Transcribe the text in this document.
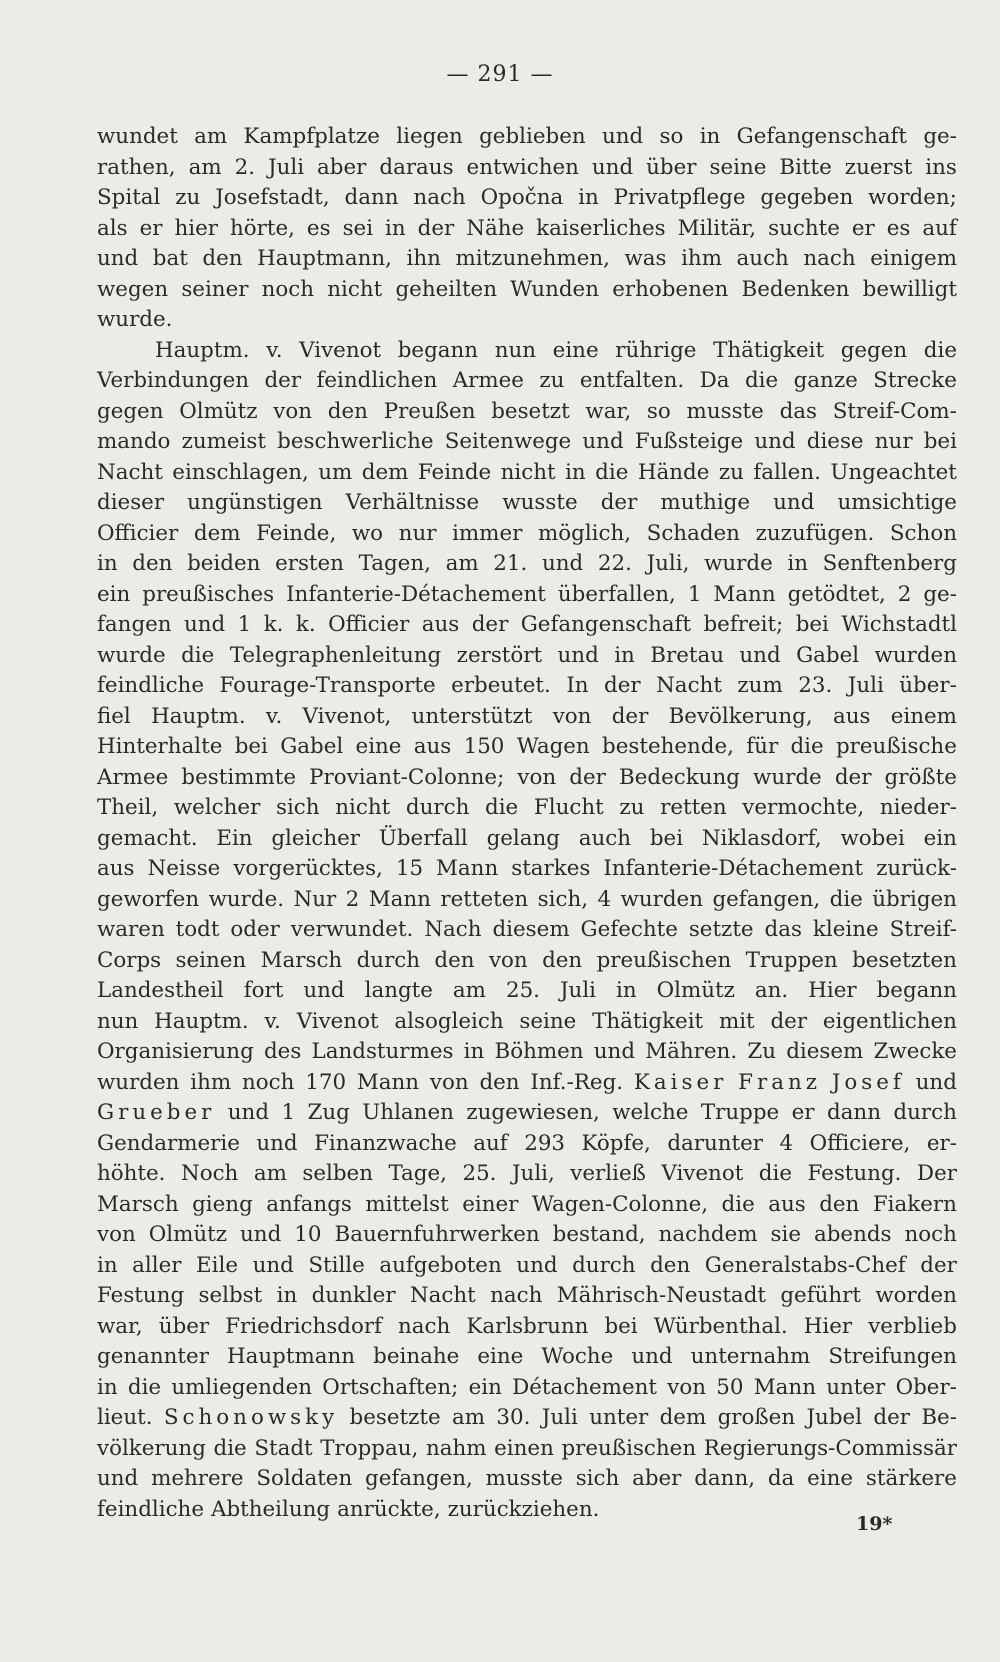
— 291 —
wundet am Kampfplatze liegen geblieben und so in Gefangenschaft ge-
rathen, am 2. Juli aber daraus entwichen und über seine Bitte zuerst ins
Spital zu Josefstadt, dann nach Opočna in Privatpflege gegeben worden;
als er hier hörte, es sei in der Nähe kaiserliches Militär, suchte er es auf
und bat den Hauptmann, ihn mitzunehmen, was ihm auch nach einigem
wegen seiner noch nicht geheilten Wunden erhobenen Bedenken bewilligt
wurde.
Hauptm. v. Vivenot begann nun eine rührige Thätigkeit gegen die
Verbindungen der feindlichen Armee zu entfalten. Da die ganze Strecke
gegen Olmütz von den Preußen besetzt war, so musste das Streif-Com-
mando zumeist beschwerliche Seitenwege und Fußsteige und diese nur bei
Nacht einschlagen, um dem Feinde nicht in die Hände zu fallen. Ungeachtet
dieser ungünstigen Verhältnisse wusste der muthige und umsichtige
Officier dem Feinde, wo nur immer möglich, Schaden zuzufügen. Schon
in den beiden ersten Tagen, am 21. und 22. Juli, wurde in Senftenberg
ein preußisches Infanterie-Détachement überfallen, 1 Mann getödtet, 2 ge-
fangen und 1 k. k. Officier aus der Gefangenschaft befreit; bei Wichstadtl
wurde die Telegraphenleitung zerstört und in Bretau und Gabel wurden
feindliche Fourage-Transporte erbeutet. In der Nacht zum 23. Juli über-
fiel Hauptm. v. Vivenot, unterstützt von der Bevölkerung, aus einem
Hinterhalte bei Gabel eine aus 150 Wagen bestehende, für die preußische
Armee bestimmte Proviant-Colonne; von der Bedeckung wurde der größte
Theil, welcher sich nicht durch die Flucht zu retten vermochte, nieder-
gemacht. Ein gleicher Überfall gelang auch bei Niklasdorf, wobei ein
aus Neisse vorgerücktes, 15 Mann starkes Infanterie-Détachement zurück-
geworfen wurde. Nur 2 Mann retteten sich, 4 wurden gefangen, die übrigen
waren todt oder verwundet. Nach diesem Gefechte setzte das kleine Streif-
Corps seinen Marsch durch den von den preußischen Truppen besetzten
Landestheil fort und langte am 25. Juli in Olmütz an. Hier begann
nun Hauptm. v. Vivenot alsogleich seine Thätigkeit mit der eigentlichen
Organisierung des Landsturmes in Böhmen und Mähren. Zu diesem Zwecke
wurden ihm noch 170 Mann von den Inf.-Reg. Kaiser Franz Josef und
Grueber und 1 Zug Uhlanen zugewiesen, welche Truppe er dann durch
Gendarmerie und Finanzwache auf 293 Köpfe, darunter 4 Officiere, er-
höhte. Noch am selben Tage, 25. Juli, verließ Vivenot die Festung. Der
Marsch gieng anfangs mittelst einer Wagen-Colonne, die aus den Fiakern
von Olmütz und 10 Bauernfuhrwerken bestand, nachdem sie abends noch
in aller Eile und Stille aufgeboten und durch den Generalstabs-Chef der
Festung selbst in dunkler Nacht nach Mährisch-Neustadt geführt worden
war, über Friedrichsdorf nach Karlsbrunn bei Würbenthal. Hier verblieb
genannter Hauptmann beinahe eine Woche und unternahm Streifungen
in die umliegenden Ortschaften; ein Détachement von 50 Mann unter Ober-
lieut. Schonowsky besetzte am 30. Juli unter dem großen Jubel der Be-
völkerung die Stadt Troppau, nahm einen preußischen Regierungs-Commissär
und mehrere Soldaten gefangen, musste sich aber dann, da eine stärkere
feindliche Abtheilung anrückte, zurückziehen.
19*
